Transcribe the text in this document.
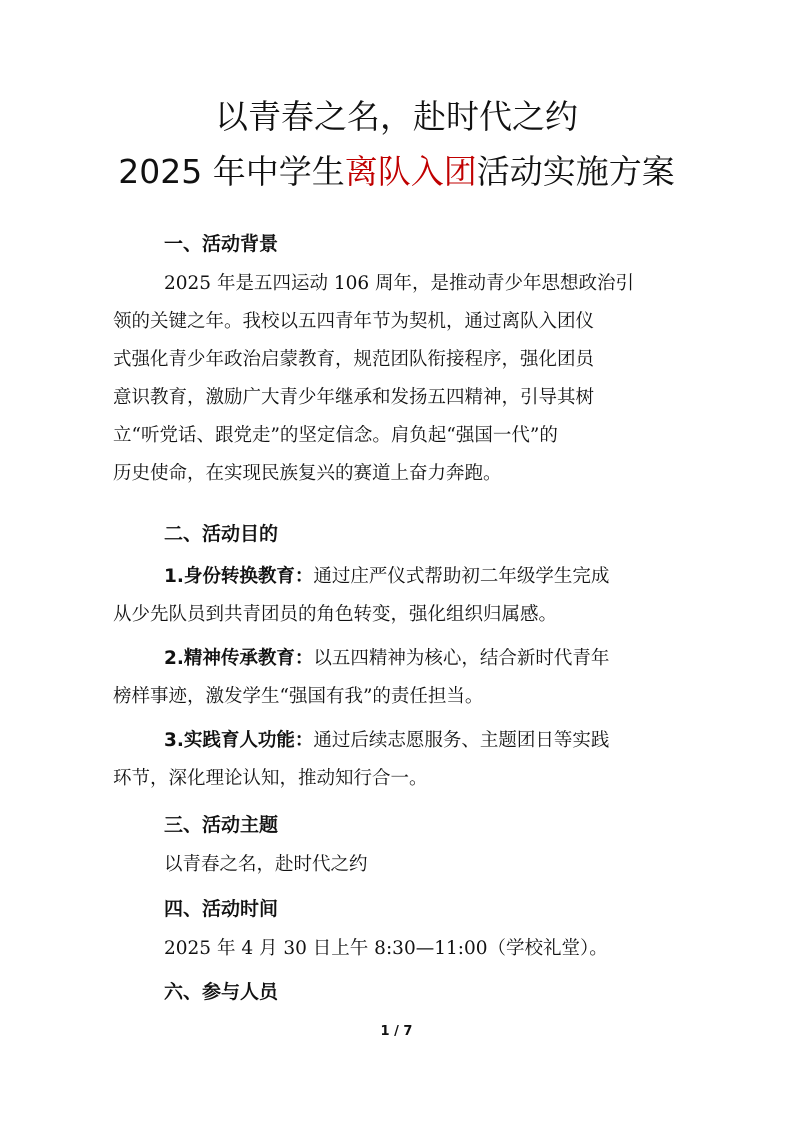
以青春之名，赴时代之约
2025 年中学生离队入团活动实施方案
一、活动背景
2025 年是五四运动 106 周年，是推动青少年思想政治引
领的关键之年。我校以五四青年节为契机，通过离队入团仪
式强化青少年政治启蒙教育，规范团队衔接程序，强化团员
意识教育，激励广大青少年继承和发扬五四精神，引导其树
立“听党话、跟党走”的坚定信念。肩负起“强国一代”的
历史使命，在实现民族复兴的赛道上奋力奔跑。
二、活动目的
1.身份转换教育：通过庄严仪式帮助初二年级学生完成
从少先队员到共青团员的角色转变，强化组织归属感。
2.精神传承教育：以五四精神为核心，结合新时代青年
榜样事迹，激发学生“强国有我”的责任担当。
3.实践育人功能：通过后续志愿服务、主题团日等实践
环节，深化理论认知，推动知行合一。
三、活动主题
以青春之名，赴时代之约
四、活动时间
2025 年 4 月 30 日上午 8:30—11:00（学校礼堂）。
六、参与人员
1 / 7
